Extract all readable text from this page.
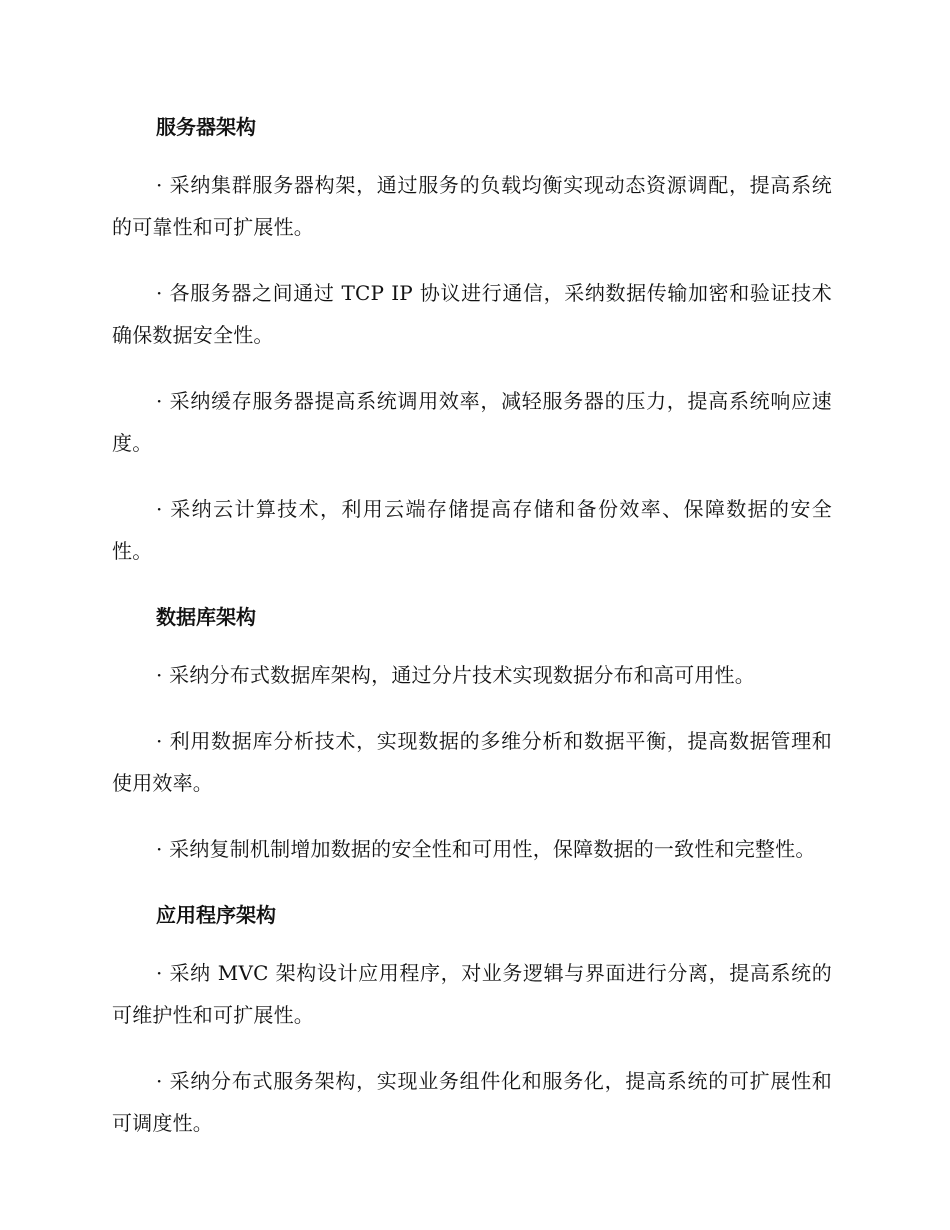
服务器架构

· 采纳集群服务器构架，通过服务的负载均衡实现动态资源调配，提高系统的可靠性和可扩展性。

· 各服务器之间通过 TCP IP 协议进行通信，采纳数据传输加密和验证技术确保数据安全性。

· 采纳缓存服务器提高系统调用效率，减轻服务器的压力，提高系统响应速度。

· 采纳云计算技术，利用云端存储提高存储和备份效率、保障数据的安全性。

数据库架构

· 采纳分布式数据库架构，通过分片技术实现数据分布和高可用性。

· 利用数据库分析技术，实现数据的多维分析和数据平衡，提高数据管理和使用效率。

· 采纳复制机制增加数据的安全性和可用性，保障数据的一致性和完整性。

应用程序架构

· 采纳 MVC 架构设计应用程序，对业务逻辑与界面进行分离，提高系统的可维护性和可扩展性。

· 采纳分布式服务架构，实现业务组件化和服务化，提高系统的可扩展性和可调度性。
